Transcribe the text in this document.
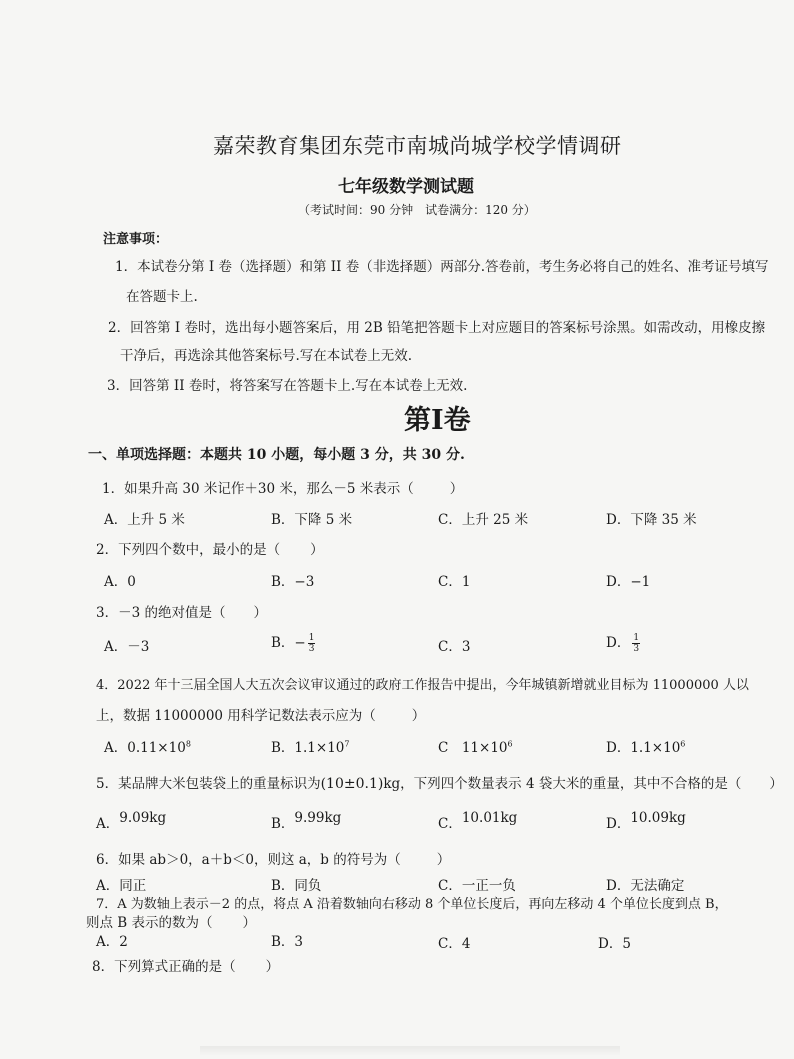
嘉荣教育集团东莞市南城尚城学校学情调研
七年级数学测试题
（考试时间：90 分钟　试卷满分：120 分）
注意事项：
1．本试卷分第 I 卷（选择题）和第 II 卷（非选择题）两部分.答卷前，考生务必将自己的姓名、准考证号填写
在答题卡上.
2．回答第 I 卷时，选出每小题答案后，用 2B 铅笔把答题卡上对应题目的答案标号涂黑。如需改动，用橡皮擦
干净后，再选涂其他答案标号.写在本试卷上无效.
3．回答第 II 卷时，将答案写在答题卡上.写在本试卷上无效.
第I卷
一、单项选择题：本题共 10 小题，每小题 3 分，共 30 分.
1．如果升高 30 米记作＋30 米，那么－5 米表示（	）
A．上升 5 米	B．下降 5 米	C．上升 25 米	D．下降 35 米
2．下列四个数中，最小的是（ ）
A．0	B．−3	C．1	D．−1
3．－3 的绝对值是（ ）
A．－3	B．− $\frac{1}{3}$	C．3	D． $\frac{1}{3}$
4．2022 年十三届全国人大五次会议审议通过的政府工作报告中提出，今年城镇新增就业目标为 11000000 人以
上，数据 11000000 用科学记数法表示应为（	）
A．$0.11\times 10^8$	B．$1.1\times 10^7$	C　$11\times 10^6$	D．$1.1\times 10^6$
5．某品牌大米包装袋上的重量标识为(10±0.1)kg，下列四个数量表示 4 袋大米的重量，其中不合格的是（ ）
A．9.09kg	B．9.99kg	C．10.01kg	D．10.09kg
6．如果 ab＞0，a＋b＜0，则这 a，b 的符号为（	）
A．同正	B．同负	C．一正一负	D．无法确定
7．A 为数轴上表示－2 的点，将点 A 沿着数轴向右移动 8 个单位长度后，再向左移动 4 个单位长度到点 B，
则点 B 表示的数为（ ）
A．2	B．3	C．4	D．5
8．下列算式正确的是（ ）
